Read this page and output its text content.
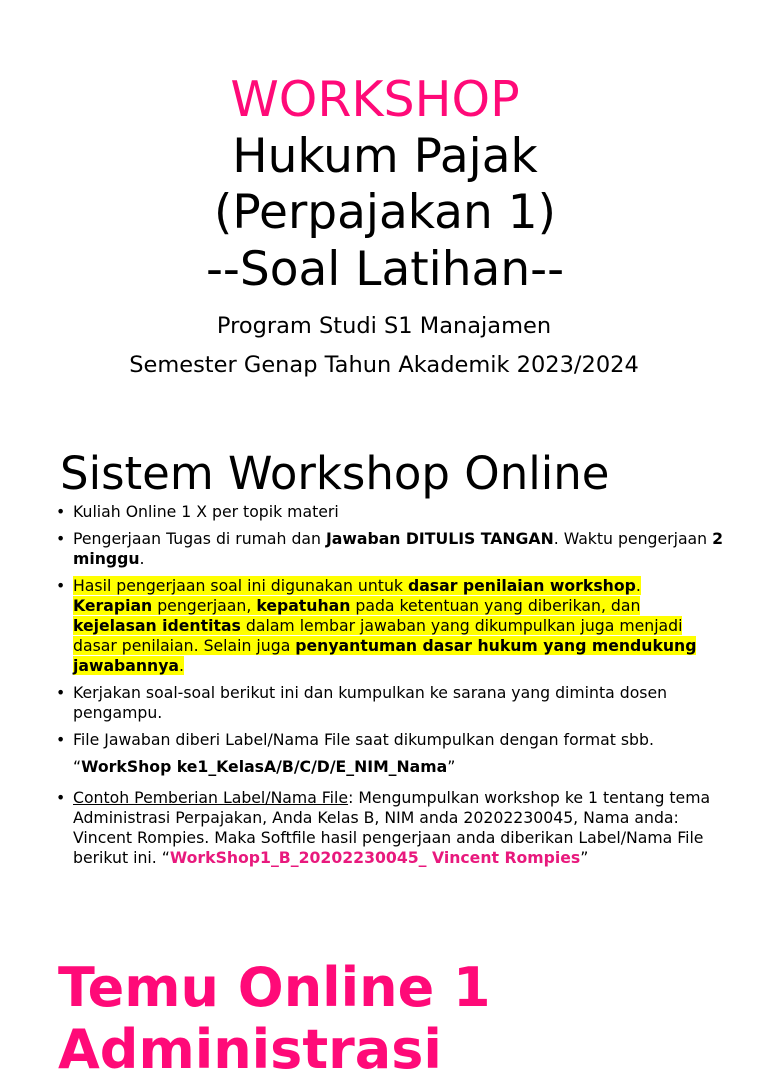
WORKSHOP
Hukum Pajak
(Perpajakan 1)
--Soal Latihan--
Program Studi S1 Manajamen
Semester Genap Tahun Akademik 2023/2024
Sistem Workshop Online
• Kuliah Online 1 X per topik materi
• Pengerjaan Tugas di rumah dan Jawaban DITULIS TANGAN. Waktu pengerjaan 2 minggu.
• Hasil pengerjaan soal ini digunakan untuk dasar penilaian workshop. Kerapian pengerjaan, kepatuhan pada ketentuan yang diberikan, dan kejelasan identitas dalam lembar jawaban yang dikumpulkan juga menjadi dasar penilaian. Selain juga penyantuman dasar hukum yang mendukung jawabannya.
• Kerjakan soal-soal berikut ini dan kumpulkan ke sarana yang diminta dosen pengampu.
• File Jawaban diberi Label/Nama File saat dikumpulkan dengan format sbb.
“WorkShop ke1_KelasA/B/C/D/E_NIM_Nama”
• Contoh Pemberian Label/Nama File: Mengumpulkan workshop ke 1 tentang tema Administrasi Perpajakan, Anda Kelas B, NIM anda 20202230045, Nama anda: Vincent Rompies. Maka Softfile hasil pengerjaan anda diberikan Label/Nama File berikut ini. “WorkShop1_B_20202230045_ Vincent Rompies”
Temu Online 1
Administrasi
